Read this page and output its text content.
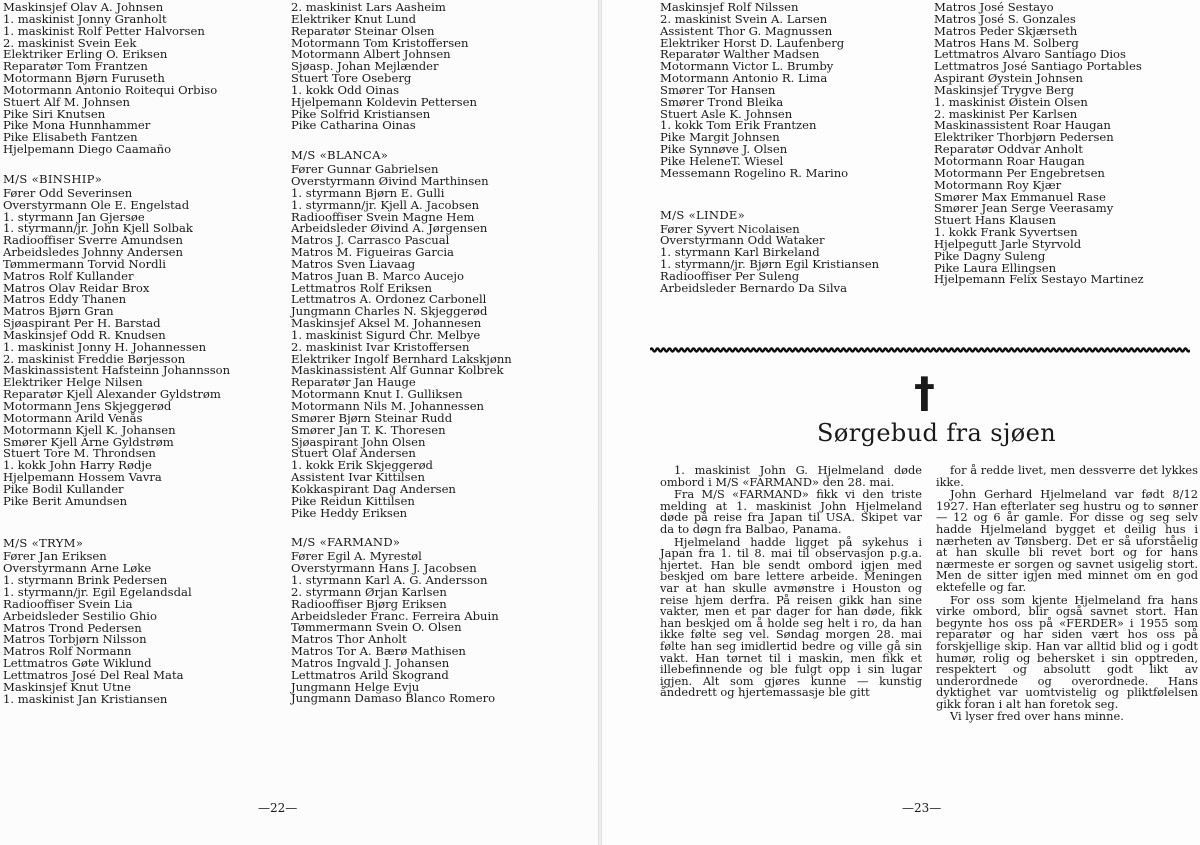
Maskinsjef Olav A. Johnsen
1. maskinist Jonny Granholt
1. maskinist Rolf Petter Halvorsen
2. maskinist Svein Eek
Elektriker Erling O. Eriksen
Reparatør Tom Frantzen
Motormann Bjørn Furuseth
Motormann Antonio Roitequi Orbiso
Stuert Alf M. Johnsen
Pike Siri Knutsen
Pike Mona Hunnhammer
Pike Elisabeth Fantzen
Hjelpemann Diego Caamaño
M/S «BINSHIP»
Fører Odd Severinsen
Overstyrmann Ole E. Engelstad
1. styrmann Jan Gjersøe
1. styrmann/jr. John Kjell Solbak
Radiooffiser Sverre Amundsen
Arbeidsledes Johnny Andersen
Tømmermann Torvid Nordli
Matros Rolf Kullander
Matros Olav Reidar Brox
Matros Eddy Thanen
Matros Bjørn Gran
Sjøaspirant Per H. Barstad
Maskinsjef Odd R. Knudsen
1. maskinist Jonny H. Johannessen
2. maskinist Freddie Børjesson
Maskinassistent Hafsteinn Johannsson
Elektriker Helge Nilsen
Reparatør Kjell Alexander Gyldstrøm
Motormann Jens Skjeggerød
Motormann Arild Venås
Motormann Kjell K. Johansen
Smører Kjell Arne Gyldstrøm
Stuert Tore M. Throndsen
1. kokk John Harry Rødje
Hjelpemann Hossem Vavra
Pike Bodil Kullander
Pike Berit Amundsen
M/S «TRYM»
Fører Jan Eriksen
Overstyrmann Arne Løke
1. styrmann Brink Pedersen
1. styrmann/jr. Egil Egelandsdal
Radiooffiser Svein Lia
Arbeidsleder Sestilio Ghio
Matros Trond Pedersen
Matros Torbjørn Nilsson
Matros Rolf Normann
Lettmatros Gøte Wiklund
Lettmatros José Del Real Mata
Maskinsjef Knut Utne
1. maskinist Jan Kristiansen
2. maskinist Lars Aasheim
Elektriker Knut Lund
Reparatør Steinar Olsen
Motormann Tom Kristoffersen
Motormann Albert Johnsen
Sjøasp. Johan Mejlænder
Stuert Tore Oseberg
1. kokk Odd Oinas
Hjelpemann Koldevin Pettersen
Pike Solfrid Kristiansen
Pike Catharina Oinas
M/S «BLANCA»
Fører Gunnar Gabrielsen
Overstyrmann Øivind Marthinsen
1. styrmann Bjørn E. Gulli
1. styrmann/jr. Kjell A. Jacobsen
Radiooffiser Svein Magne Hem
Arbeidsleder Øivind A. Jørgensen
Matros J. Carrasco Pascual
Matros M. Figueiras Garcia
Matros Sven Liavaag
Matros Juan B. Marco Aucejo
Lettmatros Rolf Eriksen
Lettmatros A. Ordonez Carbonell
Jungmann Charles N. Skjeggerød
Maskinsjef Aksel M. Johannesen
1. maskinist Sigurd Chr. Melbye
2. maskinist Ivar Kristoffersen
Elektriker Ingolf Bernhard Lakskjønn
Maskinassistent Alf Gunnar Kolbrek
Reparatør Jan Hauge
Motormann Knut I. Gulliksen
Motormann Nils M. Johannessen
Smører Bjørn Steinar Rudd
Smører Jan T. K. Thoresen
Sjøaspirant John Olsen
Stuert Olaf Andersen
1. kokk Erik Skjeggerød
Assistent Ivar Kittilsen
Kokkaspirant Dag Andersen
Pike Reidun Kittilsen
Pike Heddy Eriksen
M/S «FARMAND»
Fører Egil A. Myrestøl
Overstyrmann Hans J. Jacobsen
1. styrmann Karl A. G. Andersson
2. styrmann Ørjan Karlsen
Radiooffiser Bjørg Eriksen
Arbeidsleder Franc. Ferreira Abuin
Tømmermann Svein O. Olsen
Matros Thor Anholt
Matros Tor A. Bærø Mathisen
Matros Ingvald J. Johansen
Lettmatros Arild Skogrand
Jungmann Helge Evju
Jungmann Damaso Blanco Romero
—22—
Maskinsjef Rolf Nilssen
2. maskinist Svein A. Larsen
Assistent Thor G. Magnussen
Elektriker Horst D. Laufenberg
Reparatør Walther Madsen
Motormann Victor L. Brumby
Motormann Antonio R. Lima
Smører Tor Hansen
Smører Trond Bleika
Stuert Asle K. Johnsen
1. kokk Tom Erik Frantzen
Pike Margit Johnsen
Pike Synnøve J. Olsen
Pike HeleneT. Wiesel
Messemann Rogelino R. Marino
M/S «LINDE»
Fører Syvert Nicolaisen
Overstyrmann Odd Wataker
1. styrmann Karl Birkeland
1. styrmann/jr. Bjørn Egil Kristiansen
Radiooffiser Per Suleng
Arbeidsleder Bernardo Da Silva
Matros José Sestayo
Matros José S. Gonzales
Matros Peder Skjærseth
Matros Hans M. Solberg
Lettmatros Alvaro Santiago Dios
Lettmatros José Santiago Portables
Aspirant Øystein Johnsen
Maskinsjef Trygve Berg
1. maskinist Øistein Olsen
2. maskinist Per Karlsen
Maskinassistent Roar Haugan
Elektriker Thorbjørn Pedersen
Reparatør Oddvar Anholt
Motormann Roar Haugan
Motormann Per Engebretsen
Motormann Roy Kjær
Smører Max Emmanuel Rase
Smører Jean Serge Veerasamy
Stuert Hans Klausen
1. kokk Frank Syvertsen
Hjelpegutt Jarle Styrvold
Pike Dagny Suleng
Pike Laura Ellingsen
Hjelpemann Felix Sestayo Martinez
†
Sørgebud fra sjøen

1. maskinist John G. Hjelmeland døde ombord i M/S «FARMAND» den 28. mai.

Fra M/S «FARMAND» fikk vi den triste melding at 1. maskinist John Hjelmeland døde på reise fra Japan til USA. Skipet var da to døgn fra Balbao, Panama.

Hjelmeland hadde ligget på sykehus i Japan fra 1. til 8. mai til observasjon p.g.a. hjertet. Han ble sendt ombord igjen med beskjed om bare lettere arbeide. Meningen var at han skulle avmønstre i Houston og reise hjem derfra. På reisen gikk han sine vakter, men et par dager for han døde, fikk han beskjed om å holde seg helt i ro, da han ikke følte seg vel. Søndag morgen 28. mai følte han seg imidlertid bedre og ville gå sin vakt. Han tørnet til i maskin, men fikk et illebefinnende og ble fulgt opp i sin lugar igjen. Alt som gjøres kunne — kunstig åndedrett og hjertemassasje ble gitt

for å redde livet, men dessverre det lykkes ikke.

John Gerhard Hjelmeland var født 8/12 1927. Han efterlater seg hustru og to sønner — 12 og 6 år gamle. For disse og seg selv hadde Hjelmeland bygget et deilig hus i nærheten av Tønsberg. Det er så uforståelig at han skulle bli revet bort og for hans nærmeste er sorgen og savnet usigelig stort. Men de sitter igjen med minnet om en god ektefelle og far.

For oss som kjente Hjelmeland fra hans virke ombord, blir også savnet stort. Han begynte hos oss på «FERDER» i 1955 som reparatør og har siden vært hos oss på forskjellige skip. Han var alltid blid og i godt humør, rolig og behersket i sin opptreden, respektert og absolutt godt likt av underordnede og overordnede. Hans dyktighet var uomtvistelig og pliktfølelsen gikk foran i alt han foretok seg.

Vi lyser fred over hans minne.

—23—
